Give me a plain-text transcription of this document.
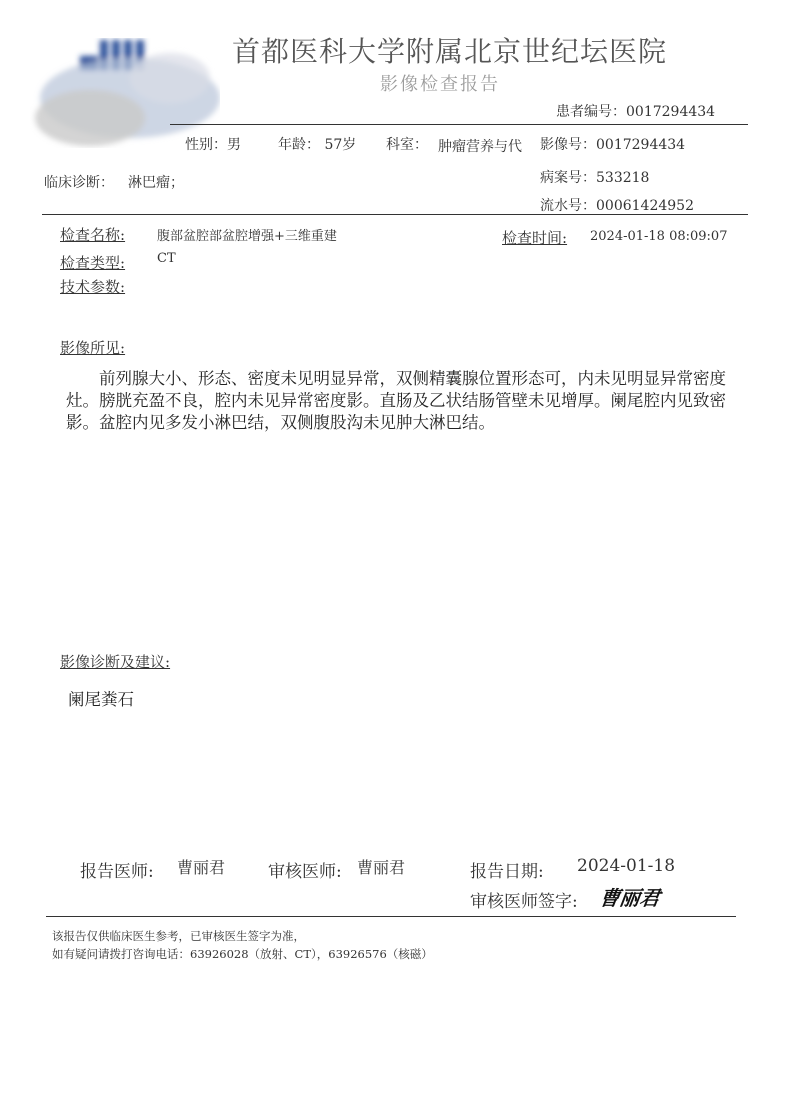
首都医科大学附属北京世纪坛医院
影像检查报告
患者编号：0017294434
性别：男	年龄： 57岁 科室： 肿瘤营养与代 影像号：0017294434
临床诊断： 淋巴瘤；	病案号：533218
流水号：00061424952
检查名称: 腹部盆腔部盆腔增强+三维重建	检查时间: 2024-01-18 08:09:07
检查类型: CT
技术参数:
影像所见:
前列腺大小、形态、密度未见明显异常，双侧精囊腺位置形态可，内未见明显异常密度灶。膀胱充盈不良，腔内未见异常密度影。直肠及乙状结肠管壁未见增厚。阑尾腔内见致密影。盆腔内见多发小淋巴结，双侧腹股沟未见肿大淋巴结。
影像诊断及建议:
阑尾粪石
报告医师: 曹丽君	审核医师: 曹丽君	报告日期: 2024-01-18
审核医师签字: 曹丽君
该报告仅供临床医生参考，已审核医生签字为准，
如有疑问请拨打咨询电话：63926028（放射、CT），63926576（核磁）
